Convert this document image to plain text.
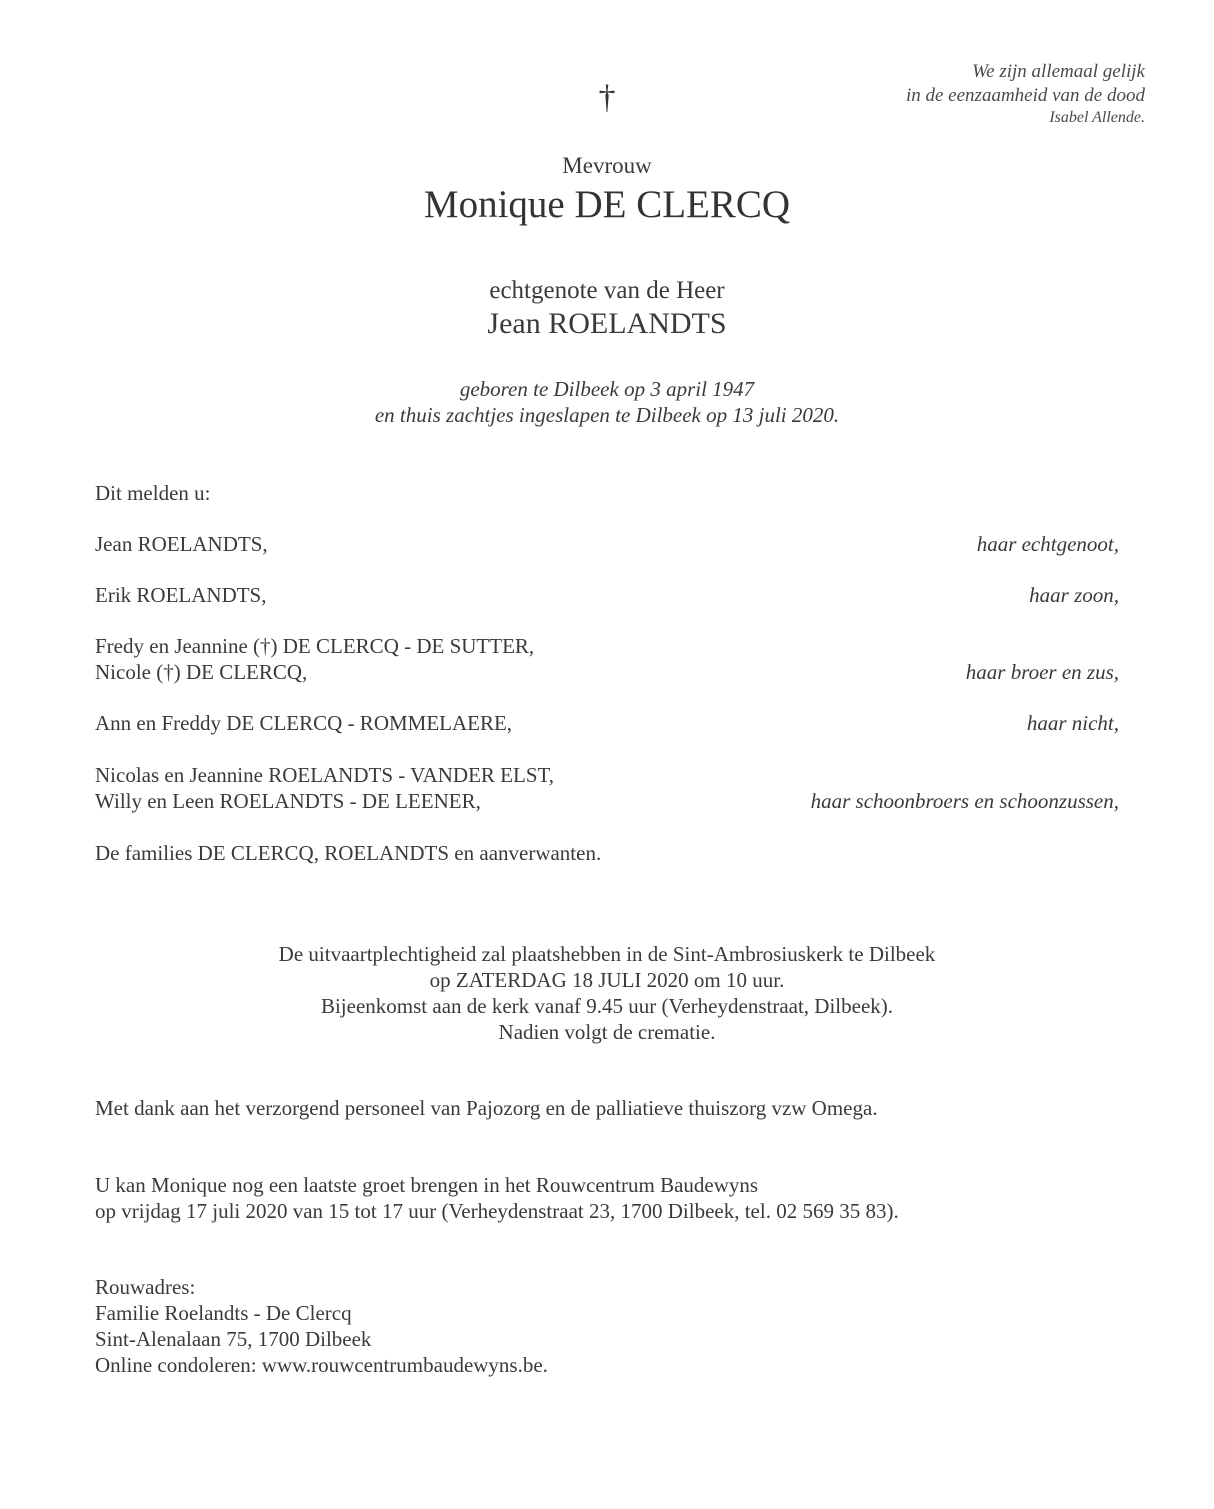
We zijn allemaal gelijk
in de eenzaamheid van de dood
Isabel Allende.
†
Mevrouw
Monique DE CLERCQ
echtgenote van de Heer
Jean ROELANDTS
geboren te Dilbeek op 3 april 1947
en thuis zachtjes ingeslapen te Dilbeek op 13 juli 2020.
Dit melden u:
Jean ROELANDTS,	haar echtgenoot,
Erik ROELANDTS,	haar zoon,
Fredy en Jeannine (†) DE CLERCQ - DE SUTTER,
Nicole (†) DE CLERCQ,	haar broer en zus,
Ann en Freddy DE CLERCQ - ROMMELAERE,	haar nicht,
Nicolas en Jeannine ROELANDTS - VANDER ELST,
Willy en Leen ROELANDTS - DE LEENER,	haar schoonbroers en schoonzussen,
De families DE CLERCQ, ROELANDTS en aanverwanten.
De uitvaartplechtigheid zal plaatshebben in de Sint-Ambrosiuskerk te Dilbeek
op ZATERDAG 18 JULI 2020 om 10 uur.
Bijeenkomst aan de kerk vanaf 9.45 uur (Verheydenstraat, Dilbeek).
Nadien volgt de crematie.
Met dank aan het verzorgend personeel van Pajozorg en de palliatieve thuiszorg vzw Omega.
U kan Monique nog een laatste groet brengen in het Rouwcentrum Baudewyns
op vrijdag 17 juli 2020 van 15 tot 17 uur (Verheydenstraat 23, 1700 Dilbeek, tel. 02 569 35 83).
Rouwadres:
Familie Roelandts - De Clercq
Sint-Alenalaan 75, 1700 Dilbeek
Online condoleren: www.rouwcentrumbaudewyns.be.
